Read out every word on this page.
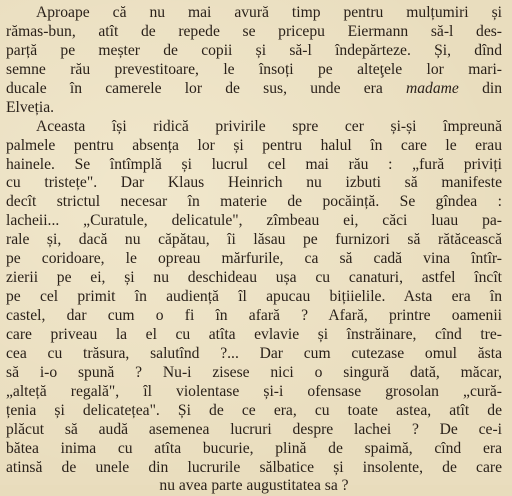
Aproape că nu mai avură timp pentru mulțumiri și
rămas-bun, atît de repede se pricepu Eiermann să-l des-
parță pe meșter de copii și să-l îndepărteze. Și, dînd
semne rău prevestitoare, le însoți pe alteţele lor mari-
ducale în camerele lor de sus, unde era madame din
Elveția.
Aceasta își ridică privirile spre cer și-și împreună
palmele pentru absența lor și pentru halul în care le erau
hainele. Se întîmplă și lucrul cel mai rău : „fură priviți
cu tristețe". Dar Klaus Heinrich nu izbuti să manifeste
decît strictul necesar în materie de pocăință. Se gîndea :
lacheii... „Curatule, delicatule", zîmbeau ei, căci luau pa-
rale și, dacă nu căpătau, îi lăsau pe furnizori să rătăcească
pe coridoare, le opreau mărfurile, ca să cadă vina întîr-
zierii pe ei, și nu deschideau ușa cu canaturi, astfel încît
pe cel primit în audiență îl apucau bițiielile. Asta era în
castel, dar cum o fi în afară ? Afară, printre oamenii
care priveau la el cu atîta evlavie și înstrăinare, cînd tre-
cea cu trăsura, salutînd ?... Dar cum cutezase omul ăsta
să i-o spună ? Nu-i zisese nici o singură dată, măcar,
„alteță regală", îl violentase și-i ofensase grosolan „cură-
țenia și delicatețea". Și de ce era, cu toate astea, atît de
plăcut să audă asemenea lucruri despre lachei ? De ce-i
bătea inima cu atîta bucurie, plină de spaimă, cînd era
atinsă de unele din lucrurile sălbatice și insolente, de care
nu avea parte augustitatea sa ?
